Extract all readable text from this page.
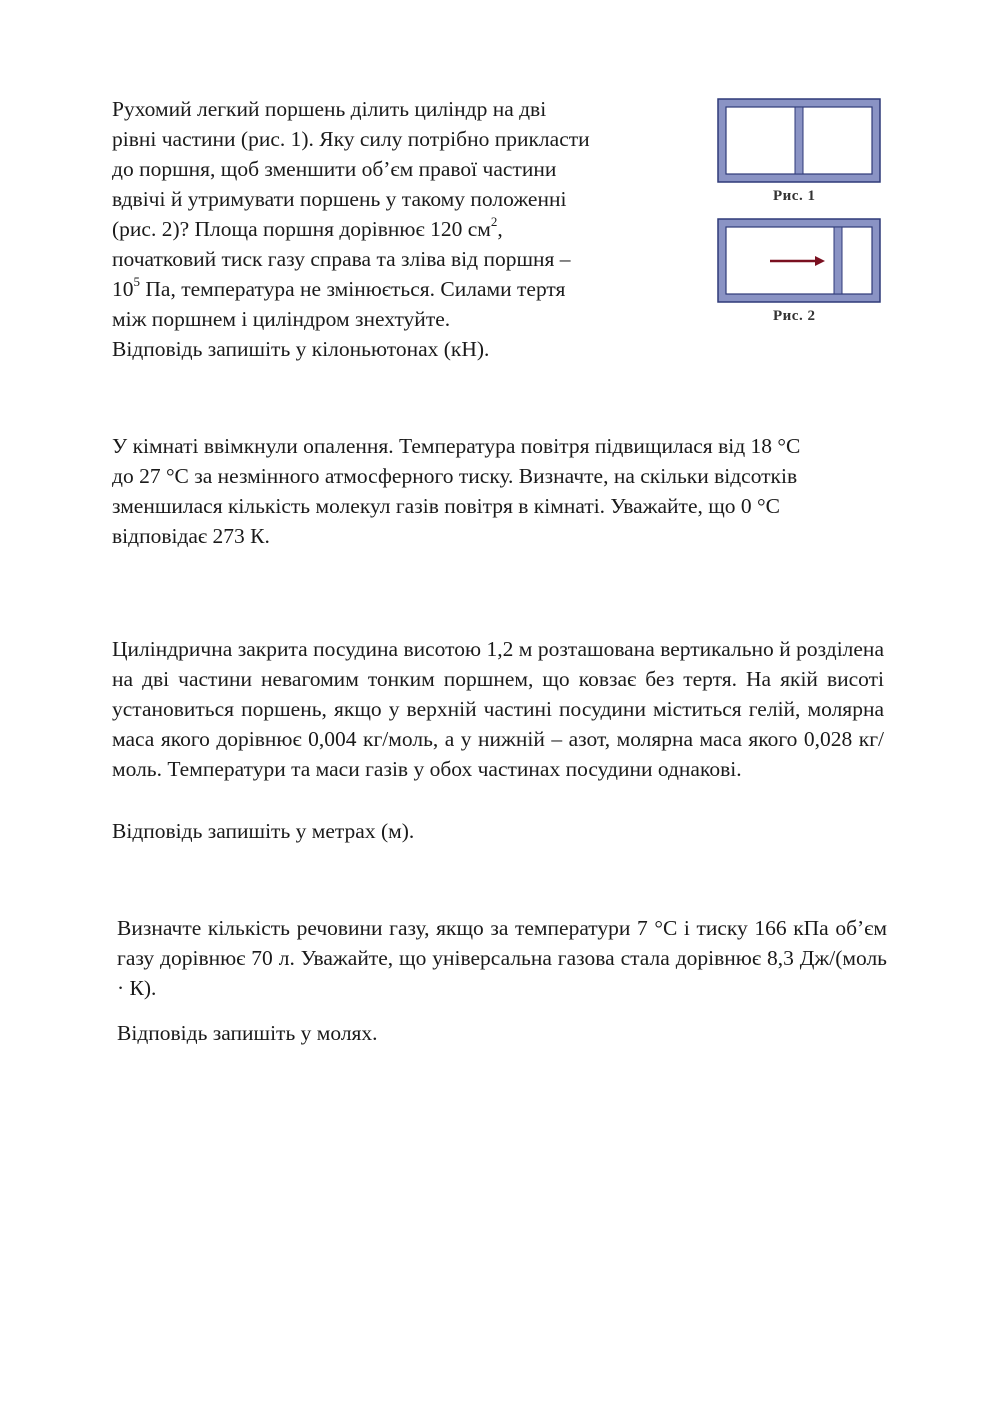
Рухомий легкий поршень ділить циліндр на дві
рівні частини (рис. 1). Яку силу потрібно прикласти
до поршня, щоб зменшити об’єм правої частини
вдвічі й утримувати поршень у такому положенні
(рис. 2)? Площа поршня дорівнює 120 $см^2$,
початковий тиск газу справа та зліва від поршня –
$10^5$ Па, температура не змінюється. Силами тертя
між поршнем і циліндром знехтуйте.
Відповідь запишіть у кілоньютонах (кН).
Рис. 1
Рис. 2
У кімнаті ввімкнули опалення. Температура повітря підвищилася від 18 °C
до 27 °C за незмінного атмосферного тиску. Визначте, на скільки відсотків
зменшилася кількість молекул газів повітря в кімнаті. Уважайте, що 0 °C
відповідає 273 К.

Циліндрична закрита посудина висотою 1,2 м розташована вертикально й розділена на дві частини невагомим тонким поршнем, що ковзає без тертя. На якій висоті установиться поршень, якщо у верхній частині посудини міститься гелій, молярна маса якого дорівнює 0,004 кг/моль, а у нижній – азот, молярна маса якого 0,028 кг/моль. Температури та маси газів у обох частинах посудини однакові.

Відповідь запишіть у метрах (м).

Визначте кількість речовини газу, якщо за температури 7 °C і тиску 166 кПа об’єм газу дорівнює 70 л. Уважайте, що універсальна газова стала дорівнює 8,3 Дж/(моль · К).

Відповідь запишіть у молях.
